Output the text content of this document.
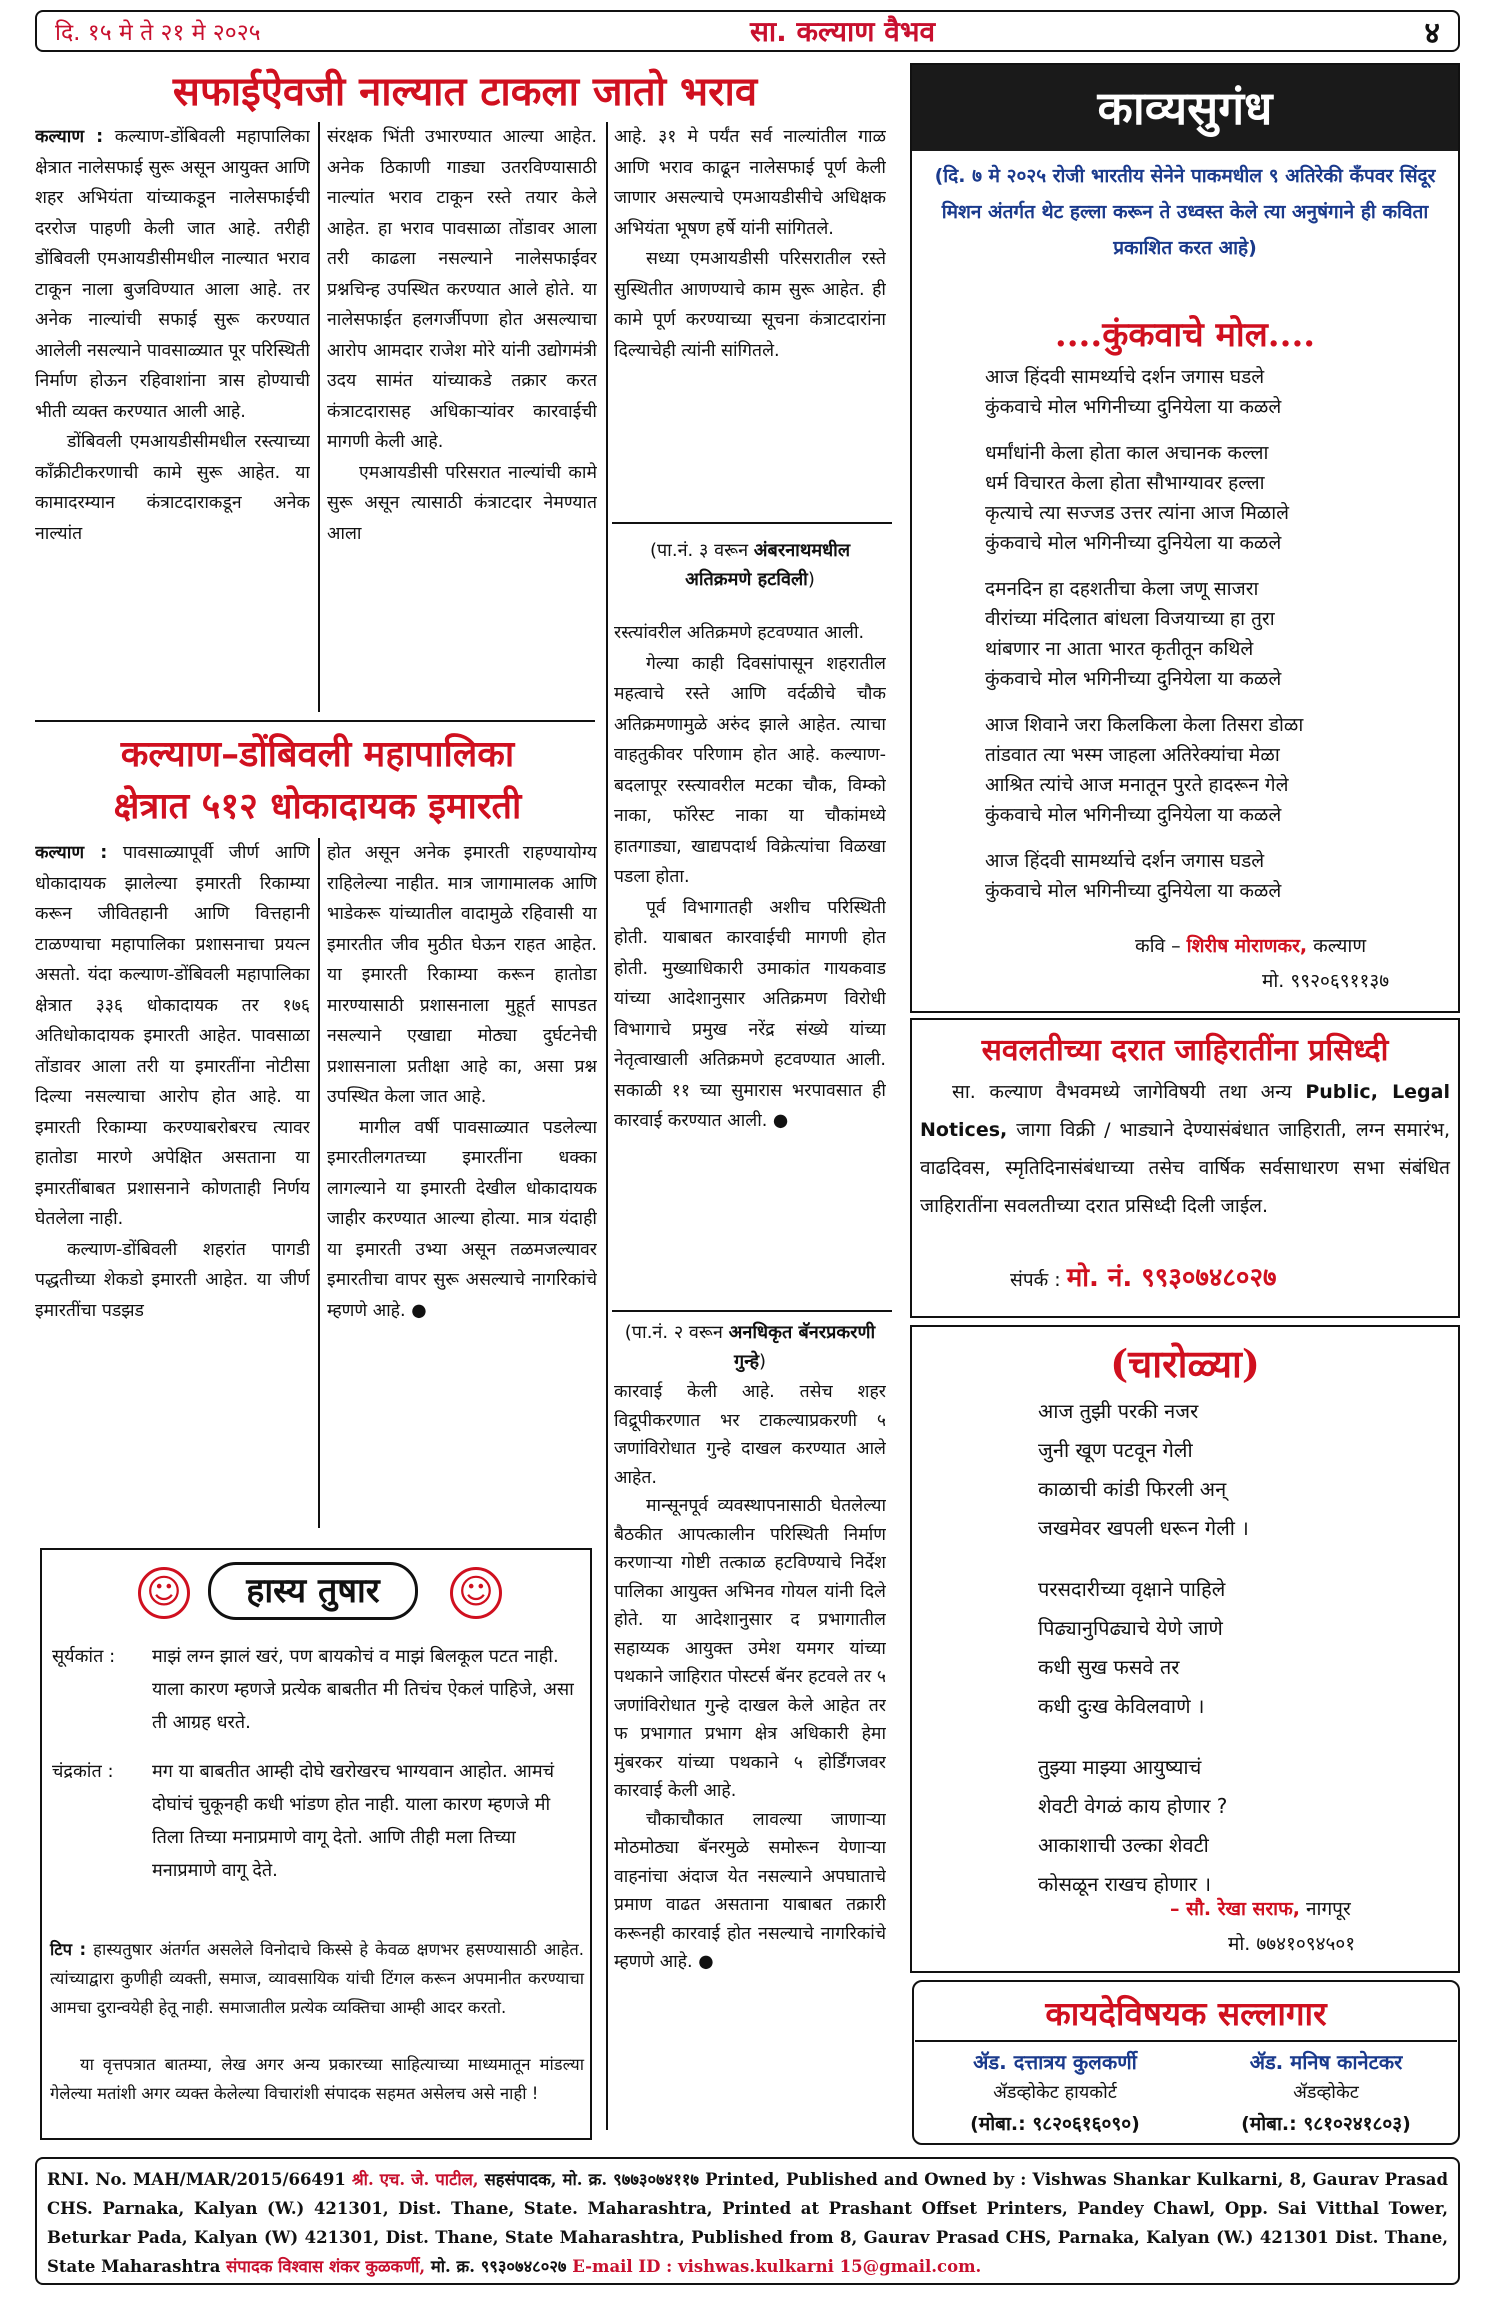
दि. १५ मे ते २१ मे २०२५	सा. कल्याण वैभव	४
सफाईऐवजी नाल्यात टाकला जातो भराव
कल्याण : कल्याण-डोंबिवली महापालिका क्षेत्रात नालेसफाई सुरू असून आयुक्त आणि शहर अभियंता यांच्याकडून नालेसफाईची दररोज पाहणी केली जात आहे. तरीही डोंबिवली एमआयडीसीमधील नाल्यात भराव टाकून नाला बुजविण्यात आला आहे. तर अनेक नाल्यांची सफाई सुरू करण्यात आलेली नसल्याने पावसाळ्यात पूर परिस्थिती निर्माण होऊन रहिवाशांना त्रास होण्याची भीती व्यक्त करण्यात आली आहे.
डोंबिवली एमआयडीसीमधील रस्त्याच्या काँक्रीटीकरणाची कामे सुरू आहेत. या कामादरम्यान कंत्राटदाराकडून अनेक नाल्यांत
संरक्षक भिंती उभारण्यात आल्या आहेत. अनेक ठिकाणी गाड्या उतरविण्यासाठी नाल्यांत भराव टाकून रस्ते तयार केले आहेत. हा भराव पावसाळा तोंडावर आला तरी काढला नसल्याने नालेसफाईवर प्रश्नचिन्ह उपस्थित करण्यात आले होते. या नालेसफाईत हलगर्जीपणा होत असल्याचा आरोप आमदार राजेश मोरे यांनी उद्योगमंत्री उदय सामंत यांच्याकडे तक्रार करत कंत्राटदारासह अधिकाऱ्यांवर कारवाईची मागणी केली आहे.
एमआयडीसी परिसरात नाल्यांची कामे सुरू असून त्यासाठी कंत्राटदार नेमण्यात आला
आहे. ३१ मे पर्यंत सर्व नाल्यांतील गाळ आणि भराव काढून नालेसफाई पूर्ण केली जाणार असल्याचे एमआयडीसीचे अधिक्षक अभियंता भूषण हर्षे यांनी सांगितले.
सध्या एमआयडीसी परिसरातील रस्ते सुस्थितीत आणण्याचे काम सुरू आहेत. ही कामे पूर्ण करण्याच्या सूचना कंत्राटदारांना दिल्याचेही त्यांनी सांगितले.
कल्याण–डोंबिवली महापालिका
क्षेत्रात ५१२ धोकादायक इमारती
कल्याण : पावसाळ्यापूर्वी जीर्ण आणि धोकादायक झालेल्या इमारती रिकाम्या करून जीवितहानी आणि वित्तहानी टाळण्याचा महापालिका प्रशासनाचा प्रयत्न असतो. यंदा कल्याण-डोंबिवली महापालिका क्षेत्रात ३३६ धोकादायक तर १७६ अतिधोकादायक इमारती आहेत. पावसाळा तोंडावर आला तरी या इमारतींना नोटीसा दिल्या नसल्याचा आरोप होत आहे. या इमारती रिकाम्या करण्याबरोबरच त्यावर हातोडा मारणे अपेक्षित असताना या इमारतींबाबत प्रशासनाने कोणताही निर्णय घेतलेला नाही.
कल्याण-डोंबिवली शहरांत पागडी पद्धतीच्या शेकडो इमारती आहेत. या जीर्ण इमारतींचा पडझड
होत असून अनेक इमारती राहण्यायोग्य राहिलेल्या नाहीत. मात्र जागामालक आणि भाडेकरू यांच्यातील वादामुळे रहिवासी या इमारतीत जीव मुठीत घेऊन राहत आहेत. या इमारती रिकाम्या करून हातोडा मारण्यासाठी प्रशासनाला मुहूर्त सापडत नसल्याने एखाद्या मोठ्या दुर्घटनेची प्रशासनाला प्रतीक्षा आहे का, असा प्रश्न उपस्थित केला जात आहे.
मागील वर्षी पावसाळ्यात पडलेल्या इमारतीलगतच्या इमारतींना धक्का लागल्याने या इमारती देखील धोकादायक जाहीर करण्यात आल्या होत्या. मात्र यंदाही या इमारती उभ्या असून तळमजल्यावर इमारतीचा वापर सुरू असल्याचे नागरिकांचे म्हणणे आहे. ●
(पा.नं. ३ वरून अंबरनाथमधील अतिक्रमणे हटविली)
रस्त्यांवरील अतिक्रमणे हटवण्यात आली.
गेल्या काही दिवसांपासून शहरातील महत्वाचे रस्ते आणि वर्दळीचे चौक अतिक्रमणामुळे अरुंद झाले आहेत. त्याचा वाहतुकीवर परिणाम होत आहे. कल्याण-बदलापूर रस्त्यावरील मटका चौक, विम्को नाका, फॉरेस्ट नाका या चौकांमध्ये हातगाड्या, खाद्यपदार्थ विक्रेत्यांचा विळखा पडला होता.
पूर्व विभागातही अशीच परिस्थिती होती. याबाबत कारवाईची मागणी होत होती. मुख्याधिकारी उमाकांत गायकवाड यांच्या आदेशानुसार अतिक्रमण विरोधी विभागाचे प्रमुख नरेंद्र संख्ये यांच्या नेतृत्वाखाली अतिक्रमणे हटवण्यात आली. सकाळी ११ च्या सुमारास भरपावसात ही कारवाई करण्यात आली. ●
(पा.नं. २ वरून अनधिकृत बॅनरप्रकरणी गुन्हे)
कारवाई केली आहे. तसेच शहर विद्रूपीकरणात भर टाकल्याप्रकरणी ५ जणांविरोधात गुन्हे दाखल करण्यात आले आहेत.
मान्सूनपूर्व व्यवस्थापनासाठी घेतलेल्या बैठकीत आपत्कालीन परिस्थिती निर्माण करणाऱ्या गोष्टी तत्काळ हटविण्याचे निर्देश पालिका आयुक्त अभिनव गोयल यांनी दिले होते. या आदेशानुसार द प्रभागातील सहाय्यक आयुक्त उमेश यमगर यांच्या पथकाने जाहिरात पोस्टर्स बॅनर हटवले तर ५ जणांविरोधात गुन्हे दाखल केले आहेत तर फ प्रभागात प्रभाग क्षेत्र अधिकारी हेमा मुंबरकर यांच्या पथकाने ५ होर्डिंगजवर कारवाई केली आहे.
चौकाचौकात लावल्या जाणाऱ्या मोठमोठ्या बॅनरमुळे समोरून येणाऱ्या वाहनांचा अंदाज येत नसल्याने अपघाताचे प्रमाण वाढत असताना याबाबत तक्रारी करूनही कारवाई होत नसल्याचे नागरिकांचे म्हणणे आहे. ●
☺	हास्य तुषार	☺
सूर्यकांत :	माझं लग्न झालं खरं, पण बायकोचं व माझं बिलकूल पटत नाही. याला कारण म्हणजे प्रत्येक बाबतीत मी तिचंच ऐकलं पाहिजे, असा ती आग्रह धरते.
चंद्रकांत :	मग या बाबतीत आम्ही दोघे खरोखरच भाग्यवान आहोत. आमचं दोघांचं चुकूनही कधी भांडण होत नाही. याला कारण म्हणजे मी तिला तिच्या मनाप्रमाणे वागू देतो. आणि तीही मला तिच्या मनाप्रमाणे वागू देते.
टिप : हास्यतुषार अंतर्गत असलेले विनोदाचे किस्से हे केवळ क्षणभर हसण्यासाठी आहेत. त्यांच्याद्वारा कुणीही व्यक्ती, समाज, व्यावसायिक यांची टिंगल करून अपमानीत करण्याचा आमचा दुरान्वयेही हेतू नाही. समाजातील प्रत्येक व्यक्तिचा आम्ही आदर करतो.
या वृत्तपत्रात बातम्या, लेख अगर अन्य प्रकारच्या साहित्याच्या माध्यमातून मांडल्या गेलेल्या मतांशी अगर व्यक्त केलेल्या विचारांशी संपादक सहमत असेलच असे नाही !
काव्यसुगंध
(दि. ७ मे २०२५ रोजी भारतीय सेनेने पाकमधील ९ अतिरेकी कँपवर सिंदूर मिशन अंतर्गत थेट हल्ला करून ते उध्वस्त केले त्या अनुषंगाने ही कविता प्रकाशित करत आहे)
....कुंकवाचे मोल....
आज हिंदवी सामर्थ्याचे दर्शन जगास घडले
कुंकवाचे मोल भगिनीच्या दुनियेला या कळले
धर्मांधांनी केला होता काल अचानक कल्ला
धर्म विचारत केला होता सौभाग्यावर हल्ला
कृत्याचे त्या सज्जड उत्तर त्यांना आज मिळाले
कुंकवाचे मोल भगिनीच्या दुनियेला या कळले
दमनदिन हा दहशतीचा केला जणू साजरा
वीरांच्या मंदिलात बांधला विजयाच्या हा तुरा
थांबणार ना आता भारत कृतीतून कथिले
कुंकवाचे मोल भगिनीच्या दुनियेला या कळले
आज शिवाने जरा किलकिला केला तिसरा डोळा
तांडवात त्या भस्म जाहला अतिरेक्यांचा मेळा
आश्रित त्यांचे आज मनातून पुरते हादरून गेले
कुंकवाचे मोल भगिनीच्या दुनियेला या कळले
आज हिंदवी सामर्थ्याचे दर्शन जगास घडले
कुंकवाचे मोल भगिनीच्या दुनियेला या कळले
कवि – शिरीष मोराणकर, कल्याण
मो. ९९२०६९११३७
सवलतीच्या दरात जाहिरातींना प्रसिध्दी
सा. कल्याण वैभवमध्ये जागेविषयी तथा अन्य Public, Legal Notices, जागा विक्री / भाड्याने देण्यासंबंधात जाहिराती, लग्न समारंभ, वाढदिवस, स्मृतिदिनासंबंधाच्या तसेच वार्षिक सर्वसाधारण सभा संबंधित जाहिरातींना सवलतीच्या दरात प्रसिध्दी दिली जाईल.
संपर्क : मो. नं. ९९३०७४८०२७
(चारोळ्या)
आज तुझी परकी नजर
जुनी खूण पटवून गेली
काळाची कांडी फिरली अन्
जखमेवर खपली धरून गेली ।
परसदारीच्या वृक्षाने पाहिले
पिढ्यानुपिढ्याचे येणे जाणे
कधी सुख फसवे तर
कधी दुःख केविलवाणे ।
तुझ्या माझ्या आयुष्याचं
शेवटी वेगळं काय होणार ?
आकाशाची उल्का शेवटी
कोसळून राखच होणार ।
– सौ. रेखा सराफ, नागपूर
मो. ७७४१०९४५०१
कायदेविषयक सल्लागार
ॲड. दत्तात्रय कुलकर्णी
ॲडव्होकेट हायकोर्ट
(मोबा.: ९८२०६१६०९०)
ॲड. मनिष कानेटकर
ॲडव्होकेट
(मोबा.: ९८१०२४१८०३)
RNI. No. MAH/MAR/2015/66491 श्री. एच. जे. पाटील, सहसंपादक, मो. क्र. ९७७३०७४११७ Printed, Published and Owned by : Vishwas Shankar Kulkarni, 8, Gaurav Prasad CHS. Parnaka, Kalyan (W.) 421301, Dist. Thane, State. Maharashtra, Printed at Prashant Offset Printers, Pandey Chawl, Opp. Sai Vitthal Tower, Beturkar Pada, Kalyan (W) 421301, Dist. Thane, State Maharashtra, Published from 8, Gaurav Prasad CHS, Parnaka, Kalyan (W.) 421301 Dist. Thane, State Maharashtra संपादक विश्वास शंकर कुळकर्णी, मो. क्र. ९९३०७४८०२७ E-mail ID : vishwas.kulkarni 15@gmail.com.
